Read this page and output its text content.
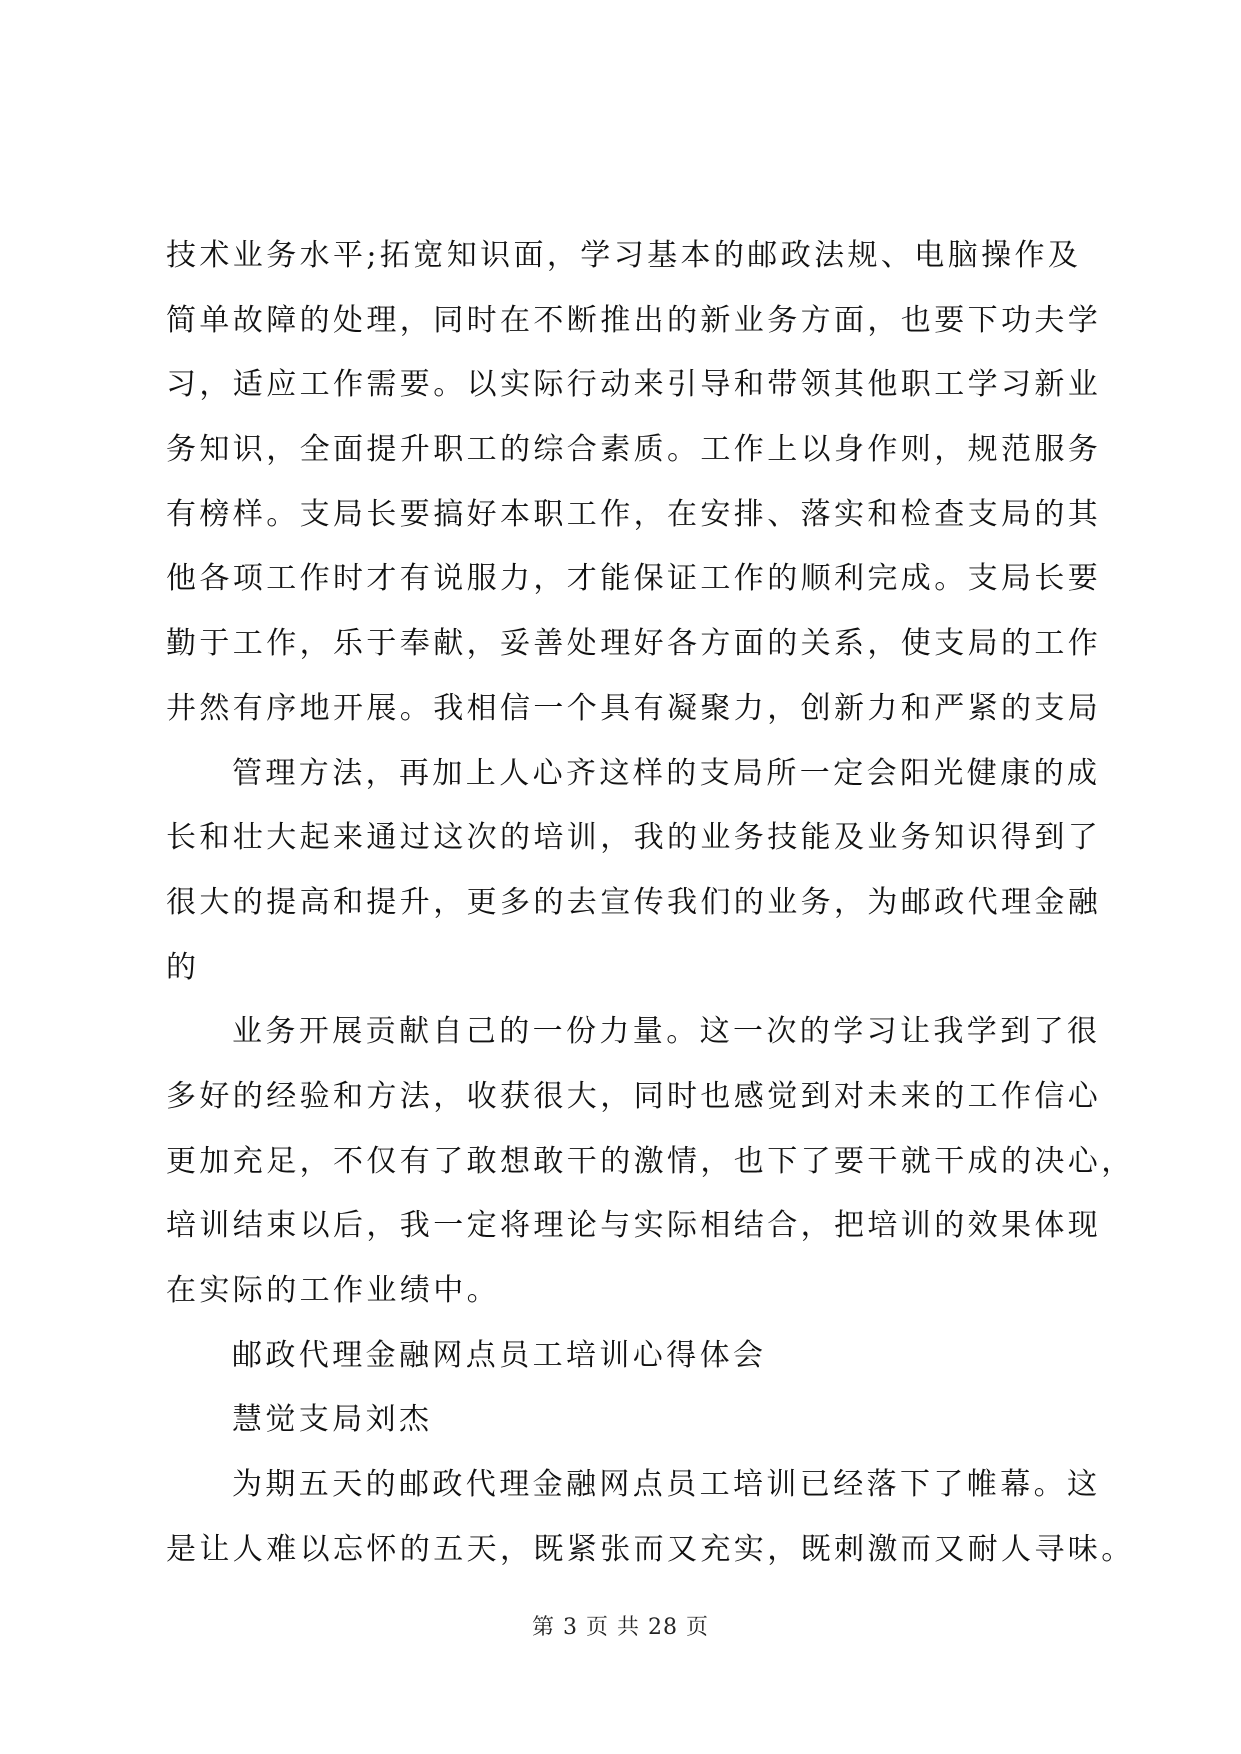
技术业务水平;拓宽知识面，学习基本的邮政法规、电脑操作及
简单故障的处理，同时在不断推出的新业务方面，也要下功夫学
习，适应工作需要。以实际行动来引导和带领其他职工学习新业
务知识，全面提升职工的综合素质。工作上以身作则，规范服务
有榜样。支局长要搞好本职工作，在安排、落实和检查支局的其
他各项工作时才有说服力，才能保证工作的顺利完成。支局长要
勤于工作，乐于奉献，妥善处理好各方面的关系，使支局的工作
井然有序地开展。我相信一个具有凝聚力，创新力和严紧的支局
管理方法，再加上人心齐这样的支局所一定会阳光健康的成
长和壮大起来通过这次的培训，我的业务技能及业务知识得到了
很大的提高和提升，更多的去宣传我们的业务，为邮政代理金融
的
业务开展贡献自己的一份力量。这一次的学习让我学到了很
多好的经验和方法，收获很大，同时也感觉到对未来的工作信心
更加充足，不仅有了敢想敢干的激情，也下了要干就干成的决心，
培训结束以后，我一定将理论与实际相结合，把培训的效果体现
在实际的工作业绩中。
邮政代理金融网点员工培训心得体会
慧觉支局刘杰
为期五天的邮政代理金融网点员工培训已经落下了帷幕。这
是让人难以忘怀的五天，既紧张而又充实，既刺激而又耐人寻味。
第 3 页 共 28 页
